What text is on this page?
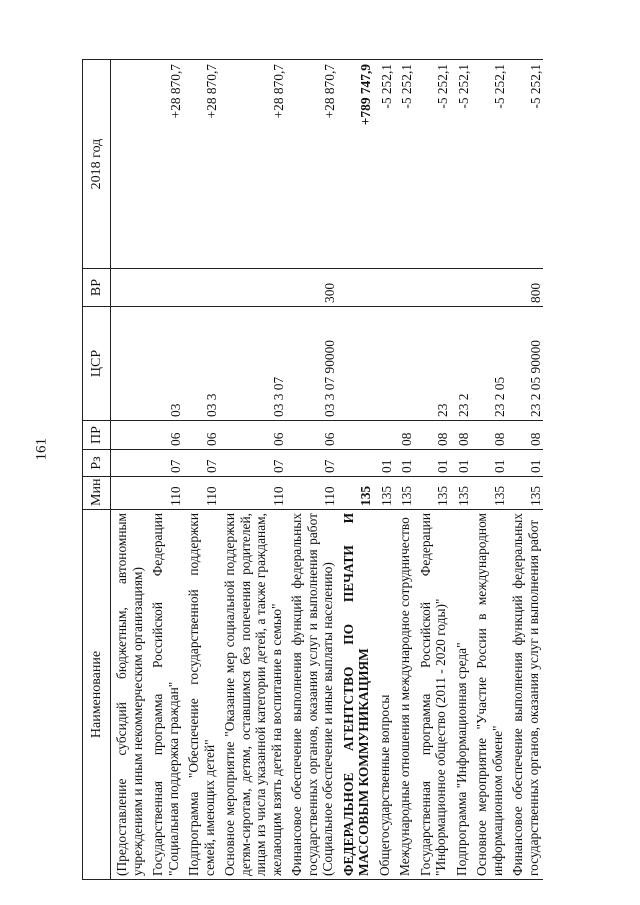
161
Наименование	Мин	Рз	ПР	ЦСР	ВР	2018 год
(Предоставление субсидий бюджетным, автономным учреждениям и иным некоммерческим организациям)						
Государственная программа Российской Федерации "Социальная поддержка граждан"	110	07	06	03		+28 870,7
Подпрограмма "Обеспечение государственной поддержки семей, имеющих детей"	110	07	06	03 3		+28 870,7
Основное мероприятие "Оказание мер социальной поддержки детям-сиротам, детям, оставшимся без попечения родителей, лицам из числа указанной категории детей, а также гражданам, желающим взять детей на воспитание в семью"	110	07	06	03 3 07		+28 870,7
Финансовое обеспечение выполнения функций федеральных государственных органов, оказания услуг и выполнения работ (Социальное обеспечение и иные выплаты населению)	110	07	06	03 3 07 90000	300	+28 870,7
ФЕДЕРАЛЬНОЕ АГЕНТСТВО ПО ПЕЧАТИ И МАССОВЫМ КОММУНИКАЦИЯМ	135					+789 747,9
Общегосударственные вопросы	135	01				-5 252,1
Международные отношения и международное сотрудничество	135	01	08			-5 252,1
Государственная программа Российской Федерации "Информационное общество (2011 - 2020 годы)"	135	01	08	23		-5 252,1
Подпрограмма "Информационная среда"	135	01	08	23 2		-5 252,1
Основное мероприятие "Участие России в международном информационном обмене"	135	01	08	23 2 05		-5 252,1
Финансовое обеспечение выполнения функций федеральных государственных органов, оказания услуг и выполнения работ	135	01	08	23 2 05 90000	800	-5 252,1
